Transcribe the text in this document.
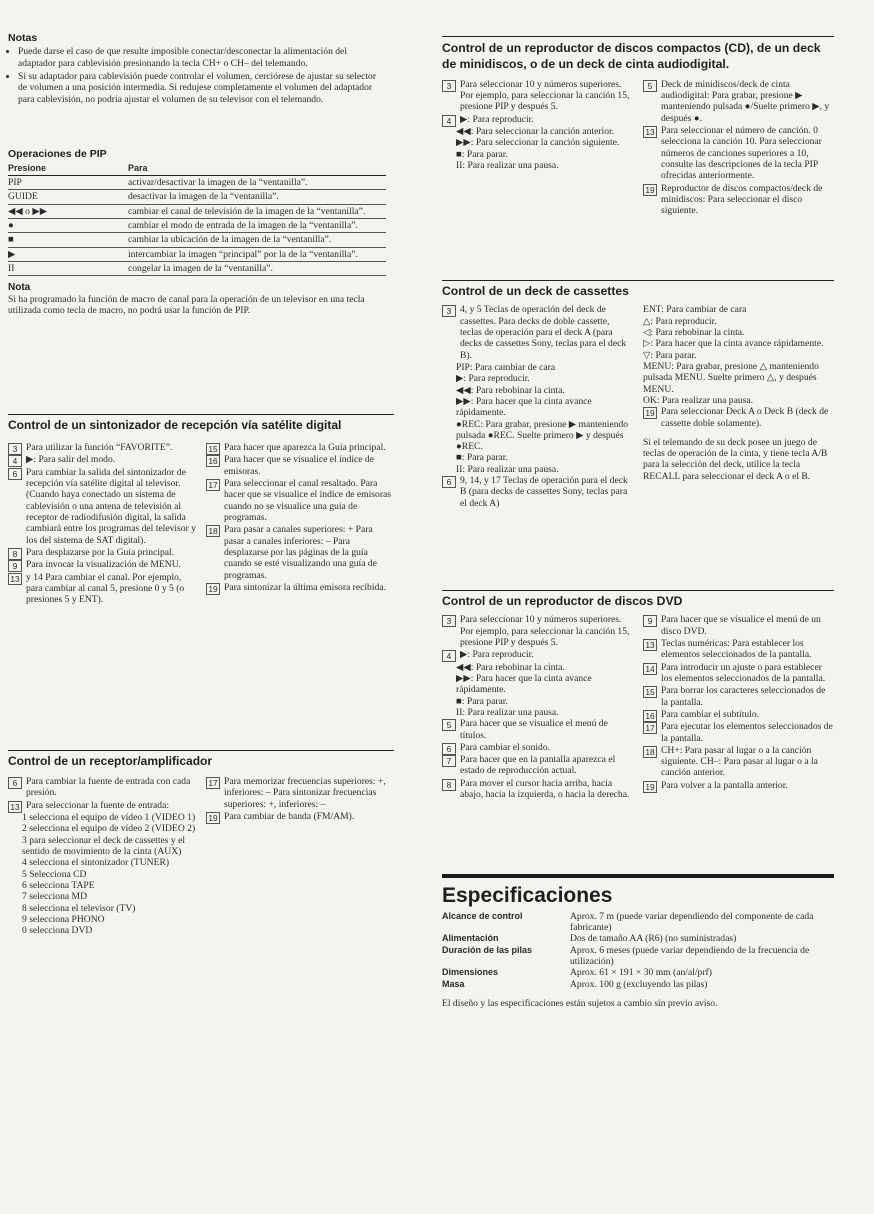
Notas
• Puede darse el caso de que resulte imposible conectar/desconectar la alimentación del adaptador para cablevisión presionando la tecla CH+ o CH– del telemando.
• Si su adaptador para cablevisión puede controlar el volumen, cerciórese de ajustar su selector de volumen a una posición intermedia. Si redujese completamente el volumen del adaptador para cablevisión, no podría ajustar el volumen de su televisor con el telemando.
Operaciones de PIP
Presione	Para
PIP	activar/desactivar la imagen de la “ventanilla”.
GUIDE	desactivar la imagen de la “ventanilla”.
◀◀ o ▶▶	cambiar el canal de televisión de la imagen de la “ventanilla”.
●	cambiar el modo de entrada de la imagen de la “ventanilla”.
■	cambiar la ubicación de la imagen de la “ventanilla”.
▶	intercambiar la imagen “principal” por la de la “ventanilla”.
II	congelar la imagen de la “ventanilla”.
Nota

Si ha programado la función de macro de canal para la operación de un televisor en una tecla utilizada como tecla de macro, no podrá usar la función de PIP.

Control de un sintonizador de recepción vía satélite digital
3 Para utilizar la función “FAVORITE”.
4 ▶: Para salir del modo.
6 Para cambiar la salida del sintonizador de recepción vía satélite digital al televisor. (Cuando haya conectado un sistema de cablevisión o una antena de televisión al receptor de radiodifusión digital, la salida cambiará entre los programas del televisor y los del sistema de SAT digital).
8 Para desplazarse por la Guía principal.
9 Para invocar la visualización de MENU.
13 y 14 Para cambiar el canal. Por ejemplo, para cambiar al canal 5, presione 0 y 5 (o presiones 5 y ENT).
15 Para hacer que aparezca la Guía principal.
16 Para hacer que se visualice el índice de emisoras.
17 Para seleccionar el canal resaltado. Para hacer que se visualice el índice de emisoras cuando no se visualice una guía de programas.
18 Para pasar a canales superiores: + Para pasar a canales inferiores: – Para desplazarse por las páginas de la guía cuando se esté visualizando una guía de programas.
19 Para sintonizar la última emisora recibida.
Control de un receptor/amplificador
6 Para cambiar la fuente de entrada con cada presión.
13 Para seleccionar la fuente de entrada:
1 selecciona el equipo de vídeo 1 (VIDEO 1)
2 selecciona el equipo de vídeo 2 (VIDEO 2)
3 para seleccionar el deck de cassettes y el sentido de movimiento de la cinta (AUX)
4 selecciona el sintonizador (TUNER)
5 Selecciona CD
6 selecciona TAPE
7 selecciona MD
8 selecciona el televisor (TV)
9 selecciona PHONO
0 selecciona DVD
17 Para memorizar frecuencias superiores: +, inferiores: – Para sintonizar frecuencias superiores: +, inferiores: –
19 Para cambiar de banda (FM/AM).
Control de un reproductor de discos compactos (CD), de un deck de minidiscos, o de un deck de cinta audiodigital.
3 Para seleccionar 10 y números superiores. Por ejemplo, para seleccionar la canción 15, presione PIP y después 5.
4 ▶: Para reproducir.
◀◀: Para seleccionar la canción anterior.
▶▶: Para seleccionar la canción siguiente.
■: Para parar.
II: Para realizar una pausa.
5 Deck de minidiscos/deck de cinta audiodigital: Para grabar, presione ▶ manteniendo pulsada ●/Suelte primero ▶, y después ●.
13 Para seleccionar el número de canción. 0 selecciona la canción 10. Para seleccionar números de canciones superiores a 10, consulte las descripciones de la tecla PIP ofrecidas anteriormente.
19 Reproductor de discos compactos/deck de minidiscos: Para seleccionar el disco siguiente.
Control de un deck de cassettes
3 4, y 5 Teclas de operación del deck de cassettes. Para decks de doble cassette, teclas de operación para el deck A (para decks de cassettes Sony, teclas para el deck B).
PIP: Para cambiar de cara
▶: Para reproducir.
◀◀: Para rebobinar la cinta.
▶▶: Para hacer que la cinta avance rápidamente.
●REC: Para grabar, presione ▶ manteniendo pulsada ●REC. Suelte primero ▶ y después ●REC.
■: Para parar.
II: Para realizar una pausa.
6 9, 14, y 17 Teclas de operación para el deck B (para decks de cassettes Sony, teclas para el deck A)
ENT: Para cambiar de cara
△: Para reproducir.
◁: Para rebobinar la cinta.
▷: Para hacer que la cinta avance rápidamente.
▽: Para parar.
MENU: Para grabar, presione △ manteniendo pulsada MENU. Suelte primero △, y después MENU.
OK: Para realizar una pausa.
19 Para seleccionar Deck A o Deck B (deck de cassette doble solamente).
Si el telemando de su deck posee un juego de teclas de operación de la cinta, y tiene tecla A/B para la selección del deck, utilice la tecla RECALL para seleccionar el deck A o el B.
Control de un reproductor de discos DVD
3 Para seleccionar 10 y números superiores. Por ejemplo, para seleccionar la canción 15, presione PIP y después 5.
4 ▶: Para reproducir.
◀◀: Para rebobinar la cinta.
▶▶: Para hacer que la cinta avance rápidamente.
■: Para parar.
II: Para realizar una pausa.
5 Para hacer que se visualice el menú de títulos.
6 Para cambiar el sonido.
7 Para hacer que en la pantalla aparezca el estado de reproducción actual.
8 Para mover el cursor hacia arriba, hacia abajo, hacia la izquierda, o hacia la derecha.
9 Para hacer que se visualice el menú de un disco DVD.
13 Teclas numéricas: Para establecer los elementos seleccionados de la pantalla.
14 Para introducir un ajuste o para establecer los elementos seleccionados de la pantalla.
15 Para borrar los caracteres seleccionados de la pantalla.
16 Para cambiar el subtítulo.
17 Para ejecutar los elementos seleccionados de la pantalla.
18 CH+: Para pasar al lugar o a la canción siguiente. CH–: Para pasar al lugar o a la canción anterior.
19 Para volver a la pantalla anterior.
Especificaciones
Alcance de control	Aprox. 7 m (puede variar dependiendo del componente de cada fabricante)
Alimentación	Dos de tamaño AA (R6) (no suministradas)
Duración de las pilas	Aprox. 6 meses (puede variar dependiendo de la frecuencia de utilización)
Dimensiones	Aprox. 61 × 191 × 30 mm (an/al/prf)
Masa	Aprox. 100 g (excluyendo las pilas)

El diseño y las especificaciones están sujetos a cambio sin previo aviso.
